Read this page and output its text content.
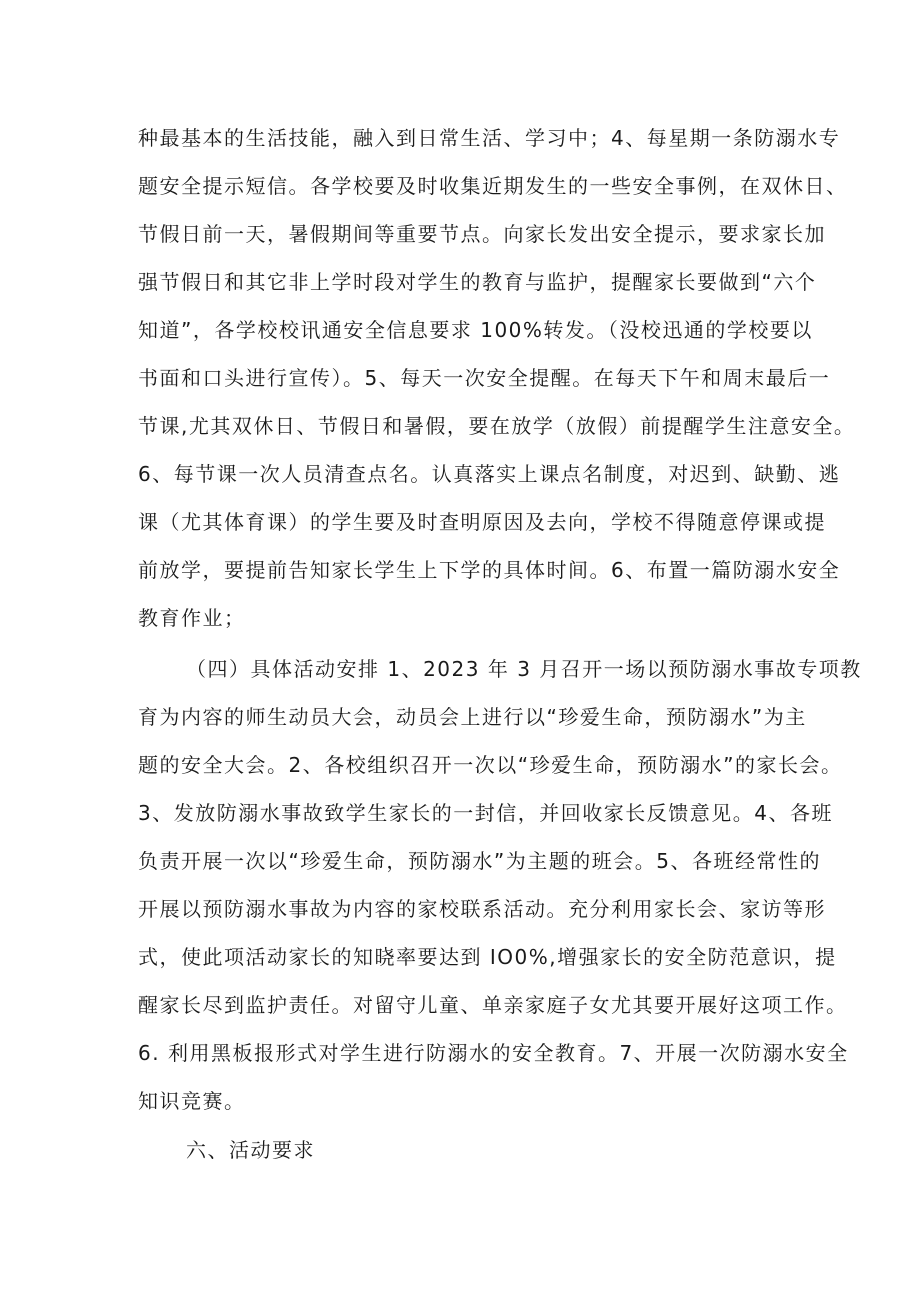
种最基本的生活技能，融入到日常生活、学习中；4、每星期一条防溺水专
题安全提示短信。各学校要及时收集近期发生的一些安全事例，在双休日、
节假日前一天，暑假期间等重要节点。向家长发出安全提示，要求家长加
强节假日和其它非上学时段对学生的教育与监护，提醒家长要做到“六个
知道”，各学校校讯通安全信息要求 100%转发。（没校迅通的学校要以
书面和口头进行宣传）。5、每天一次安全提醒。在每天下午和周末最后一
节课,尤其双休日、节假日和暑假，要在放学（放假）前提醒学生注意安全。
6、每节课一次人员清查点名。认真落实上课点名制度，对迟到、缺勤、逃
课（尤其体育课）的学生要及时查明原因及去向，学校不得随意停课或提
前放学，要提前告知家长学生上下学的具体时间。6、布置一篇防溺水安全
教育作业；
（四）具体活动安排 1、2023 年 3 月召开一场以预防溺水事故专项教
育为内容的师生动员大会，动员会上进行以“珍爱生命，预防溺水”为主
题的安全大会。2、各校组织召开一次以“珍爱生命，预防溺水”的家长会。
3、发放防溺水事故致学生家长的一封信，并回收家长反馈意见。4、各班
负责开展一次以“珍爱生命，预防溺水”为主题的班会。5、各班经常性的
开展以预防溺水事故为内容的家校联系活动。充分利用家长会、家访等形
式，使此项活动家长的知晓率要达到 IO0%,增强家长的安全防范意识，提
醒家长尽到监护责任。对留守儿童、单亲家庭子女尤其要开展好这项工作。
6. 利用黑板报形式对学生进行防溺水的安全教育。7、开展一次防溺水安全
知识竞赛。
六、活动要求
